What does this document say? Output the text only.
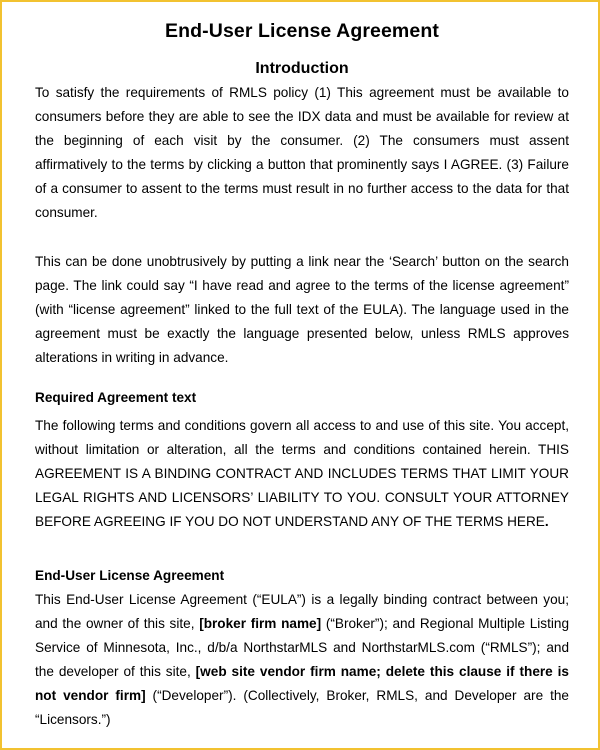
End-User License Agreement
Introduction

To satisfy the requirements of RMLS policy (1) This agreement must be available to consumers before they are able to see the IDX data and must be available for review at the beginning of each visit by the consumer. (2) The consumers must assent affirmatively to the terms by clicking a button that prominently says I AGREE. (3) Failure of a consumer to assent to the terms must result in no further access to the data for that consumer.

This can be done unobtrusively by putting a link near the ‘Search’ button on the search page. The link could say “I have read and agree to the terms of the license agreement” (with “license agreement” linked to the full text of the EULA). The language used in the agreement must be exactly the language presented below, unless RMLS approves alterations in writing in advance.

Required Agreement text

The following terms and conditions govern all access to and use of this site. You accept, without limitation or alteration, all the terms and conditions contained herein. THIS AGREEMENT IS A BINDING CONTRACT AND INCLUDES TERMS THAT LIMIT YOUR LEGAL RIGHTS AND LICENSORS’ LIABILITY TO YOU. CONSULT YOUR ATTORNEY BEFORE AGREEING IF YOU DO NOT UNDERSTAND ANY OF THE TERMS HERE.

End-User License Agreement

This End-User License Agreement (“EULA”) is a legally binding contract between you; and the owner of this site, [broker firm name] (“Broker”); and Regional Multiple Listing Service of Minnesota, Inc., d/b/a NorthstarMLS and NorthstarMLS.com (“RMLS”); and the developer of this site, [web site vendor firm name; delete this clause if there is not vendor firm] (“Developer”). (Collectively, Broker, RMLS, and Developer are the “Licensors.”)
